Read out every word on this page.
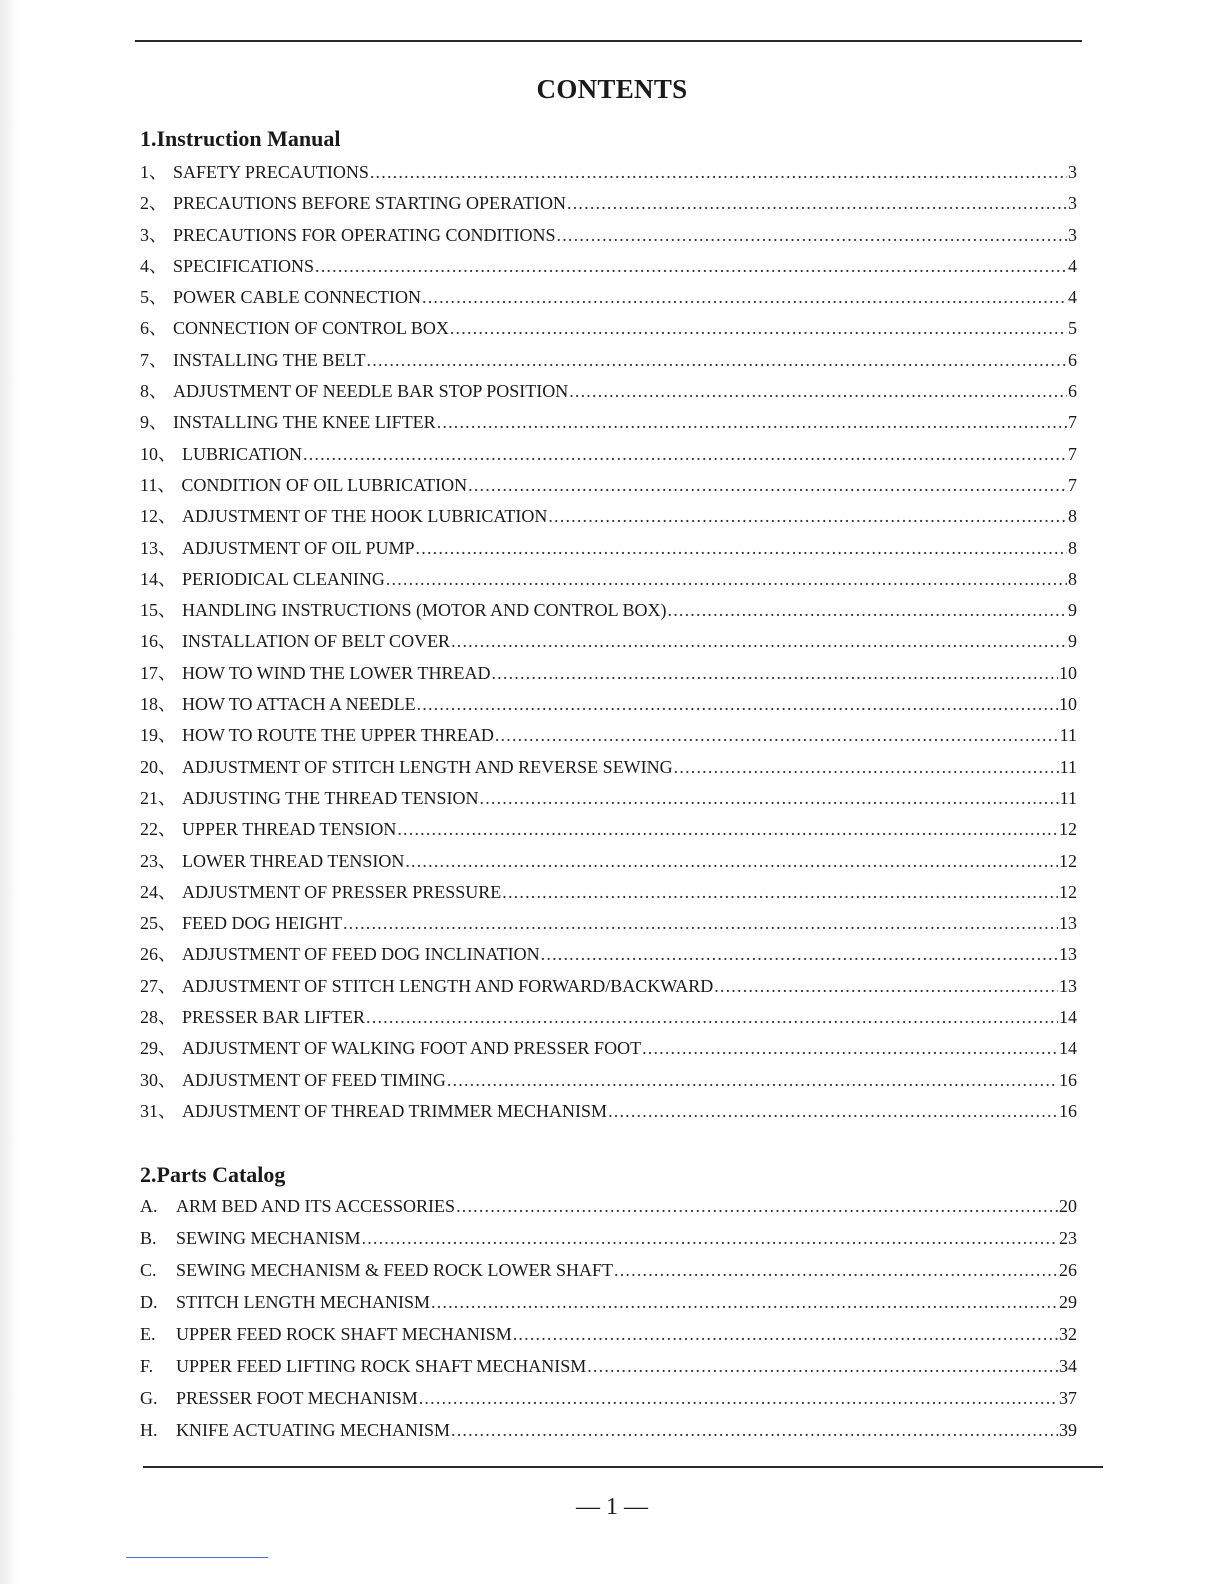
CONTENTS
1.Instruction Manual
1 、 SAFETY PRECAUTIONS .....	3
2 、 PRECAUTIONS BEFORE STARTING OPERATION .....	3
3 、 PRECAUTIONS FOR OPERATING CONDITIONS .....	3
4 、 SPECIFICATIONS .....	4
5 、 POWER CABLE CONNECTION .....	4
6 、 CONNECTION OF CONTROL BOX .....	5
7 、 INSTALLING THE BELT .....	6
8 、 ADJUSTMENT OF NEEDLE BAR STOP POSITION .....	6
9 、 INSTALLING THE KNEE LIFTER .....	7
10 、 LUBRICATION .....	7
11 、 CONDITION OF OIL LUBRICATION .....	7
12 、 ADJUSTMENT OF THE HOOK LUBRICATION .....	8
13 、 ADJUSTMENT OF OIL PUMP .....	8
14 、 PERIODICAL CLEANING .....	8
15 、 HANDLING INSTRUCTIONS (MOTOR AND CONTROL BOX) .....	9
16 、 INSTALLATION OF BELT COVER .....	9
17 、 HOW TO WIND THE LOWER THREAD .....	10
18 、 HOW TO ATTACH A NEEDLE .....	10
19 、 HOW TO ROUTE THE UPPER THREAD .....	11
20 、 ADJUSTMENT OF STITCH LENGTH AND REVERSE SEWING .....	11
21 、 ADJUSTING THE THREAD TENSION .....	11
22 、 UPPER THREAD TENSION .....	12
23 、 LOWER THREAD TENSION .....	12
24 、 ADJUSTMENT OF PRESSER PRESSURE .....	12
25 、 FEED DOG HEIGHT .....	13
26 、 ADJUSTMENT OF FEED DOG INCLINATION .....	13
27 、 ADJUSTMENT OF STITCH LENGTH AND FORWARD/BACKWARD .....	13
28 、 PRESSER BAR LIFTER .....	14
29 、 ADJUSTMENT OF WALKING FOOT AND PRESSER FOOT .....	14
30 、 ADJUSTMENT OF FEED TIMING .....	16
31 、 ADJUSTMENT OF THREAD TRIMMER MECHANISM .....	16
2.Parts Catalog
A.	ARM BED AND ITS ACCESSORIES .....	20
B.	SEWING MECHANISM .....	23
C.	SEWING MECHANISM & FEED ROCK LOWER SHAFT .....	26
D.	STITCH LENGTH MECHANISM .....	29
E.	UPPER FEED ROCK SHAFT MECHANISM .....	32
F.	UPPER FEED LIFTING ROCK SHAFT MECHANISM .....	34
G.	PRESSER FOOT MECHANISM .....	37
H.	KNIFE ACTUATING MECHANISM .....	39
— 1 —
